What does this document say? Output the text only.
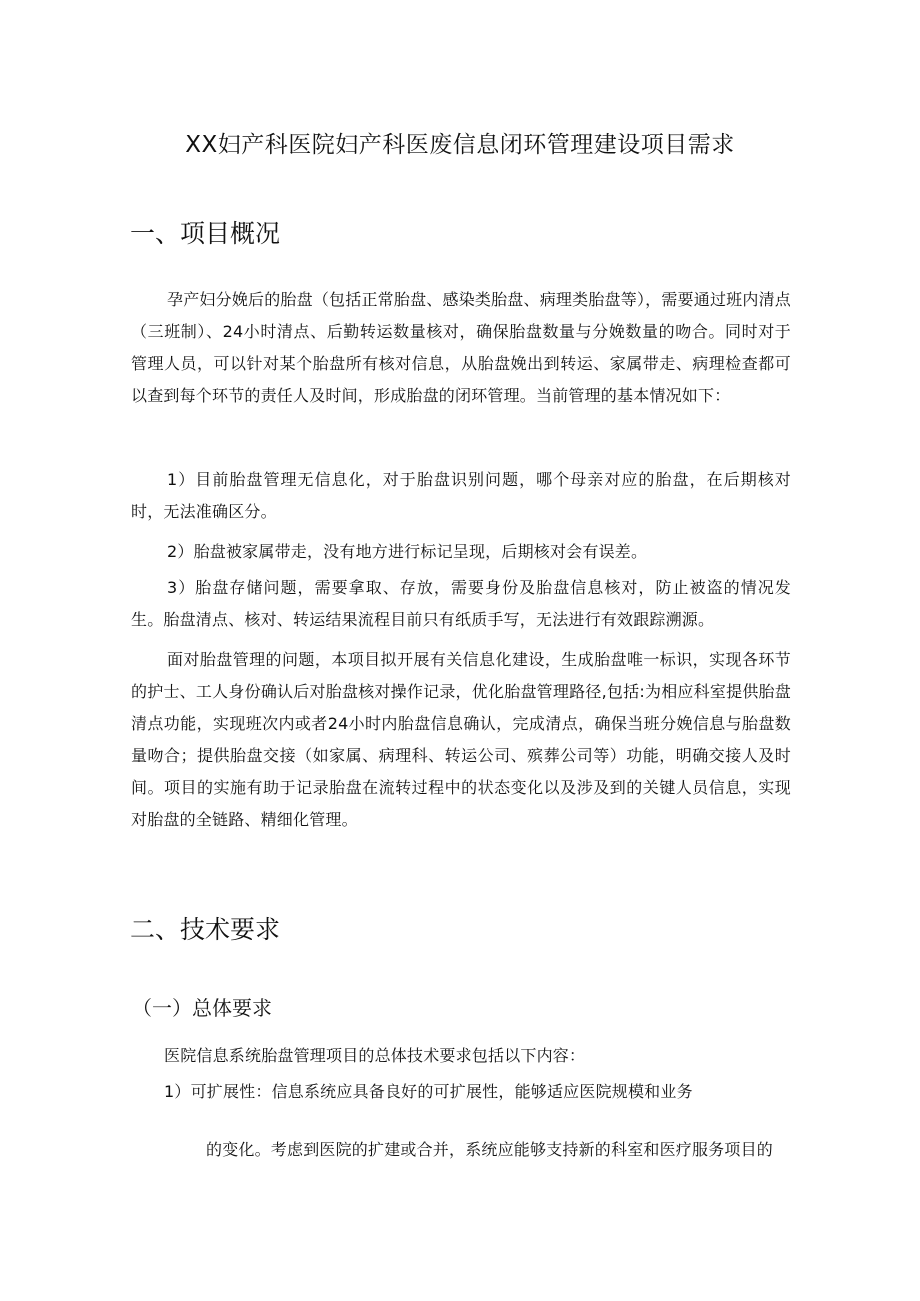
XX妇产科医院妇产科医废信息闭环管理建设项目需求
一、项目概况

孕产妇分娩后的胎盘（包括正常胎盘、感染类胎盘、病理类胎盘等），需要通过班内清点（三班制）、24小时清点、后勤转运数量核对，确保胎盘数量与分娩数量的吻合。同时对于管理人员，可以针对某个胎盘所有核对信息，从胎盘娩出到转运、家属带走、病理检查都可以查到每个环节的责任人及时间，形成胎盘的闭环管理。当前管理的基本情况如下：

1）目前胎盘管理无信息化，对于胎盘识别问题，哪个母亲对应的胎盘，在后期核对时，无法准确区分。

2）胎盘被家属带走，没有地方进行标记呈现，后期核对会有误差。

3）胎盘存储问题，需要拿取、存放，需要身份及胎盘信息核对，防止被盗的情况发生。胎盘清点、核对、转运结果流程目前只有纸质手写，无法进行有效跟踪溯源。

面对胎盘管理的问题，本项目拟开展有关信息化建设，生成胎盘唯一标识，实现各环节的护士、工人身份确认后对胎盘核对操作记录，优化胎盘管理路径,包括:为相应科室提供胎盘清点功能，实现班次内或者24小时内胎盘信息确认，完成清点，确保当班分娩信息与胎盘数量吻合；提供胎盘交接（如家属、病理科、转运公司、殡葬公司等）功能，明确交接人及时间。项目的实施有助于记录胎盘在流转过程中的状态变化以及涉及到的关键人员信息，实现对胎盘的全链路、精细化管理。

二、技术要求
（一）总体要求

医院信息系统胎盘管理项目的总体技术要求包括以下内容：

1）可扩展性：信息系统应具备良好的可扩展性，能够适应医院规模和业务

的变化。考虑到医院的扩建或合并，系统应能够支持新的科室和医疗服务项目的
